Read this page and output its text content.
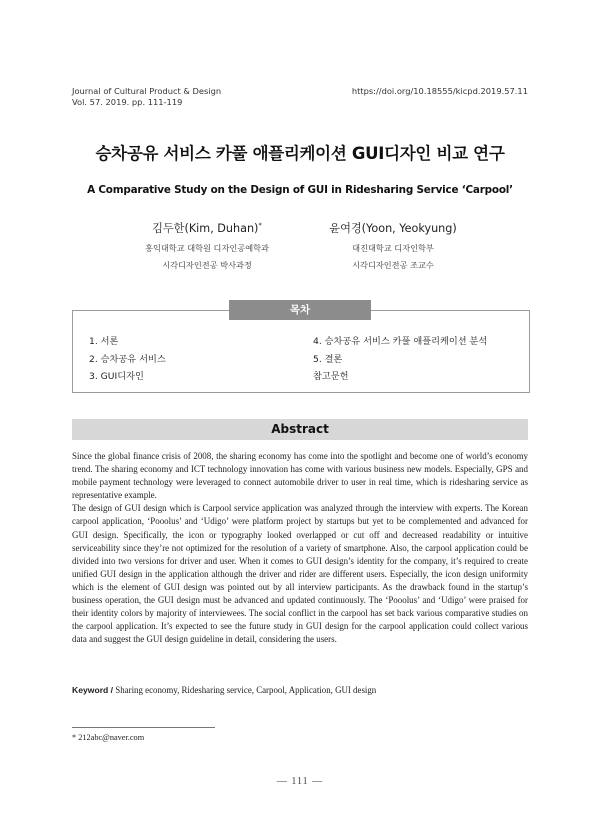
Journal of Cultural Product & Design
Vol. 57. 2019. pp. 111-119
https://doi.org/10.18555/kicpd.2019.57.11
승차공유 서비스 카풀 애플리케이션 GUI디자인 비교 연구
A Comparative Study on the Design of GUI in Ridesharing Service ‘Carpool’
김두한(Kim, Duhan)*
홍익대학교 대학원 디자인공예학과
시각디자인전공 박사과정
윤여경(Yoon, Yeokyung)
대진대학교 디자인학부
시각디자인전공 조교수
목차
1. 서론
2. 승차공유 서비스
3. GUI디자인
4. 승차공유 서비스 카풀 애플리케이션 분석
5. 결론
참고문헌
Abstract

Since the global finance crisis of 2008, the sharing economy has come into the spotlight and become one of world’s economy trend. The sharing economy and ICT technology innovation has come with various business new models. Especially, GPS and mobile payment technology were leveraged to connect automobile driver to user in real time, which is ridesharing service as representative example.

The design of GUI design which is Carpool service application was analyzed through the interview with experts. The Korean carpool application, ‘Pooolus’ and ‘Udigo’ were platform project by startups but yet to be complemented and advanced for GUI design. Specifically, the icon or typography looked overlapped or cut off and decreased readability or intuitive serviceability since they’re not optimized for the resolution of a variety of smartphone. Also, the carpool application could be divided into two versions for driver and user. When it comes to GUI design’s identity for the company, it’s required to create unified GUI design in the application although the driver and rider are different users. Especially, the icon design uniformity which is the element of GUI design was pointed out by all interview participants. As the drawback found in the startup’s business operation, the GUI design must be advanced and updated continuously. The ‘Pooolus’ and ‘Udigo’ were praised for their identity colors by majority of interviewees. The social conflict in the carpool has set back various comparative studies on the carpool application. It’s expected to see the future study in GUI design for the carpool application could collect various data and suggest the GUI design guideline in detail, considering the users.

Keyword / Sharing economy, Ridesharing service, Carpool, Application, GUI design
* 212abc@naver.com
— 111 —
